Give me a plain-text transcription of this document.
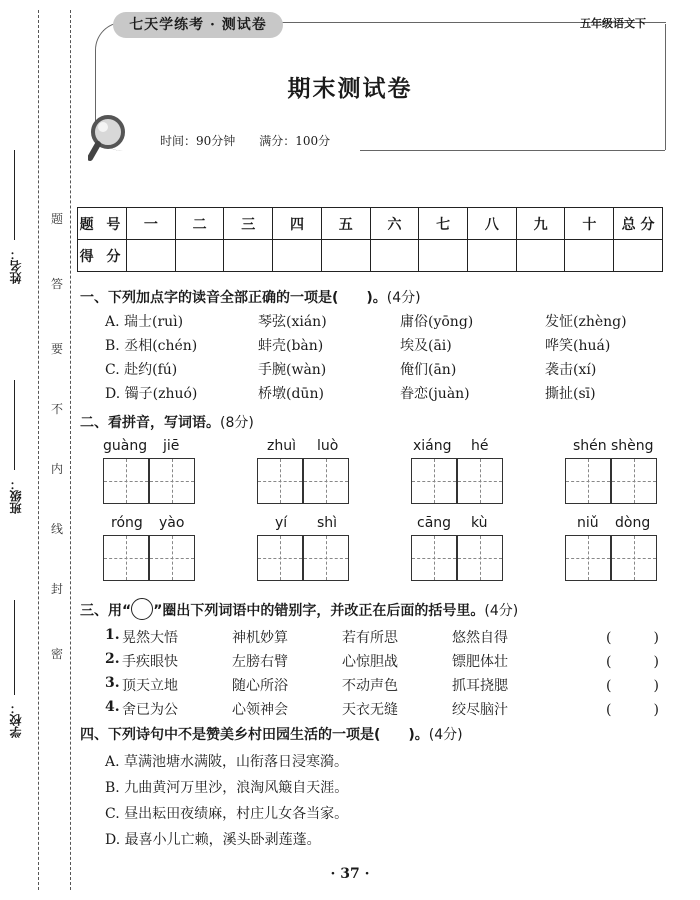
题
答
要
不
内
线
封
密
姓名：
班级：
学校：
七天学练考 · 测试卷	五年级语文下
期末测试卷
时间：90分钟　　满分：100分
题 号	一	二	三	四	五	六	七	八	九	十	总 分
得 分											
一、下列加点字的读音全部正确的一项是(　　)。(4分)
A. 瑞士(ruì)	琴弦(xián)	庸俗(yōng)	发怔(zhèng)
B. 丞相(chén)	蚌壳(bàn)	埃及(āi)	哗笑(huá)
C. 赴约(fú)	手腕(wàn)	俺们(ān)	袭击(xí)
D. 镯子(zhuó)	桥墩(dūn)	眷恋(juàn)	撕扯(sī)
二、看拼音，写词语。(8分)
guàng jiē	zhuì luò	xiáng hé	shén shèng
róng yào	yí shì	cāng kù	niǔ dòng
三、用“ ”圈出下列词语中的错别字，并改正在后面的括号里。(4分)
1. 晃然大悟	神机妙算	若有所思	悠然自得	(　　　)
2. 手疾眼快	左膀右臂	心惊胆战	镖肥体壮	(　　　)
3. 顶天立地	随心所浴	不动声色	抓耳挠腮	(　　　)
4. 舍已为公	心领神会	天衣无缝	绞尽脑汁	(　　　)
四、下列诗句中不是赞美乡村田园生活的一项是(　　)。(4分)
A. 草满池塘水满陂，山衔落日浸寒漪。
B. 九曲黄河万里沙，浪淘风簸自天涯。
C. 昼出耘田夜绩麻，村庄儿女各当家。
D. 最喜小儿亡赖，溪头卧剥莲蓬。
· 37 ·
